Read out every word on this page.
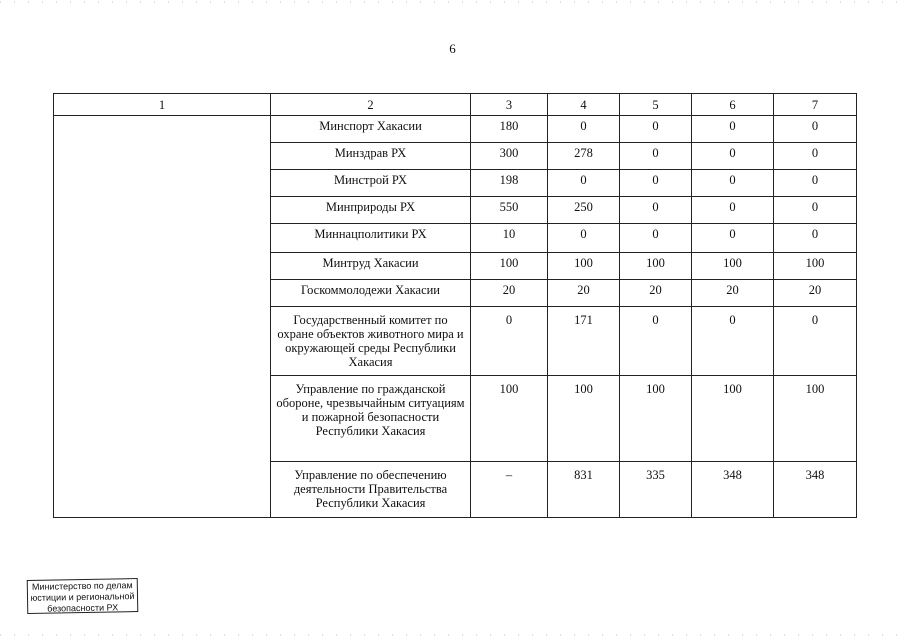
6
1	2	3	4	5	6	7
	Минспорт Хакасии	180	0	0	0	0
	Минздрав РХ	300	278	0	0	0
	Минстрой РХ	198	0	0	0	0
	Минприроды РХ	550	250	0	0	0
	Миннацполитики РХ	10	0	0	0	0
	Минтруд Хакасии	100	100	100	100	100
	Госкоммолодежи Хакасии	20	20	20	20	20
	Государственный комитет по охране объектов животного мира и окружающей среды Республики Хакасия	0	171	0	0	0
	Управление по гражданской обороне, чрезвычайным ситуациям и пожарной безопасности Республики Хакасия	100	100	100	100	100
	Управление по обеспечению деятельности Правительства Республики Хакасия	–	831	335	348	348
Министерство по делам
юстиции и региональной
безопасности РХ
